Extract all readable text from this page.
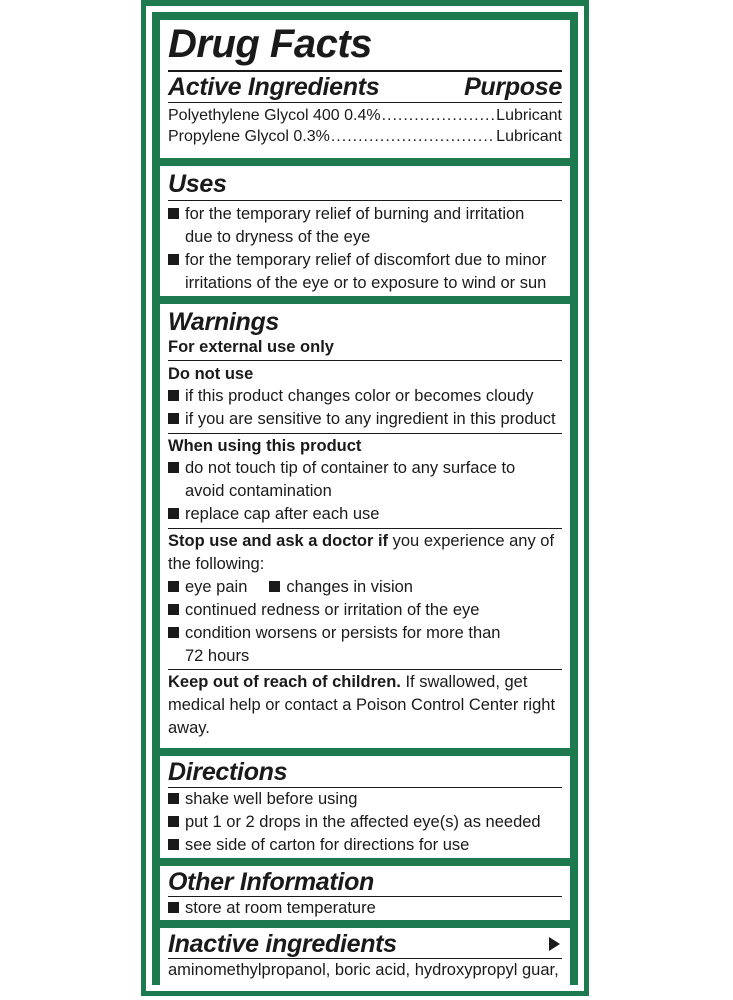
Drug Facts
Active Ingredients	Purpose
Polyethylene Glycol 400 0.4% .....	Lubricant
Propylene Glycol 0.3% .....	Lubricant
Uses
for the temporary relief of burning and irritation
due to dryness of the eye
for the temporary relief of discomfort due to minor
irritations of the eye or to exposure to wind or sun
Warnings
For external use only
Do not use
if this product changes color or becomes cloudy
if you are sensitive to any ingredient in this product
When using this product
do not touch tip of container to any surface to
avoid contamination
replace cap after each use
Stop use and ask a doctor if you experience any of
the following:
eye pain changes in vision
continued redness or irritation of the eye
condition worsens or persists for more than
72 hours
Keep out of reach of children. If swallowed, get
medical help or contact a Poison Control Center right
away.
Directions
shake well before using
put 1 or 2 drops in the affected eye(s) as needed
see side of carton for directions for use
Other Information
store at room temperature
Inactive ingredients
aminomethylpropanol, boric acid, hydroxypropyl guar,
